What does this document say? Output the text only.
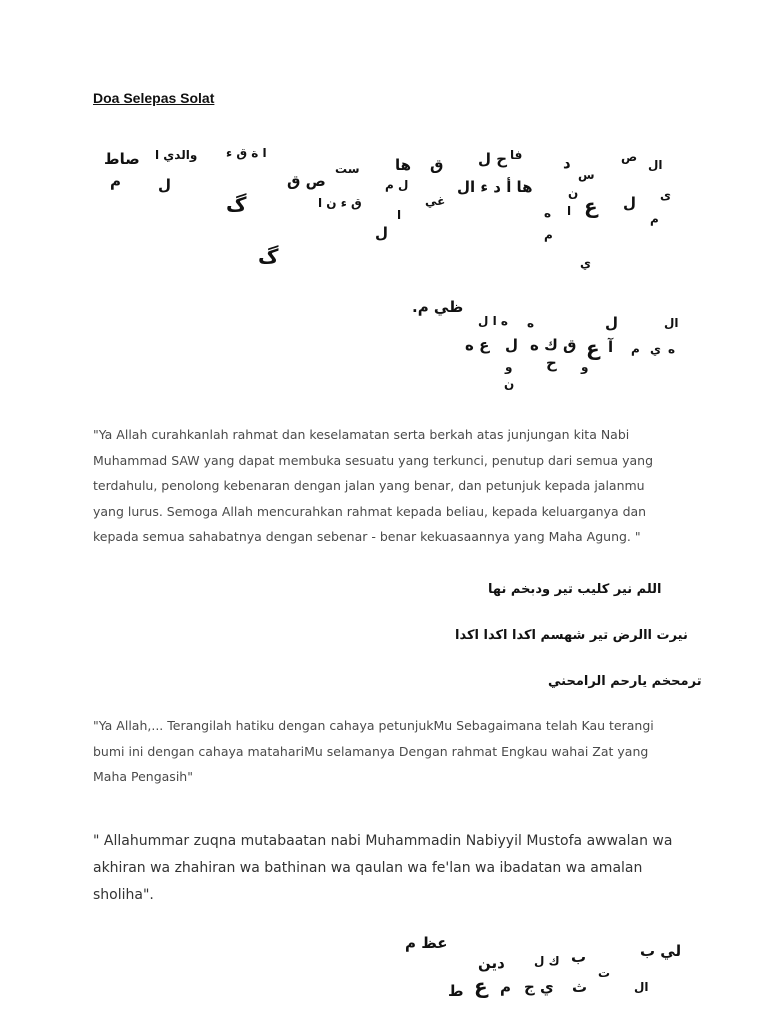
Doa Selepas Solat
صاط والدي ا ا ة ق ء
ست ها ق ح ل فا	د	ص
ال
م ل	ص ق	ل م	ها أ د ء ال
س
ن	ى
گ	ق ء ن ا	غي	ل
ع
ا
ه	م
ل
ا
م
گ	ي
ظي م.
ه ا ل ه	ل	ال
ع ه ل ق ك ه ع آ م ي ه
و ح و
ن

"Ya Allah curahkanlah rahmat dan keselamatan serta berkah atas junjungan kita Nabi Muhammad SAW yang dapat membuka sesuatu yang terkunci, penutup dari semua yang terdahulu, penolong kebenaran dengan jalan yang benar, dan petunjuk kepada jalanmu yang lurus. Semoga Allah mencurahkan rahmat kepada beliau, kepada keluarganya dan kepada semua sahabatnya dengan sebenar - benar kekuasaannya yang Maha Agung. "

اللم نير كليب تير ودبخم نها
نيرت االرض تير شهسم اكدا اكدا اكدا
ترمحخم يارحم الرامحني

"Ya Allah,... Terangilah hatiku dengan cahaya petunjukMu Sebagaimana telah Kau terangi bumi ini dengan cahaya matahariMu selamanya Dengan rahmat Engkau wahai Zat yang Maha Pengasih"

" Allahummar zuqna mutabaatan nabi Muhammadin Nabiyyil Mustofa awwalan wa akhiran wa zhahiran wa bathinan wa qaulan wa fe'lan wa ibadatan wa amalan sholiha".

عظ م
ب	لي ب
دين ك ل
ت
ط ع م ج ي ث	ال
